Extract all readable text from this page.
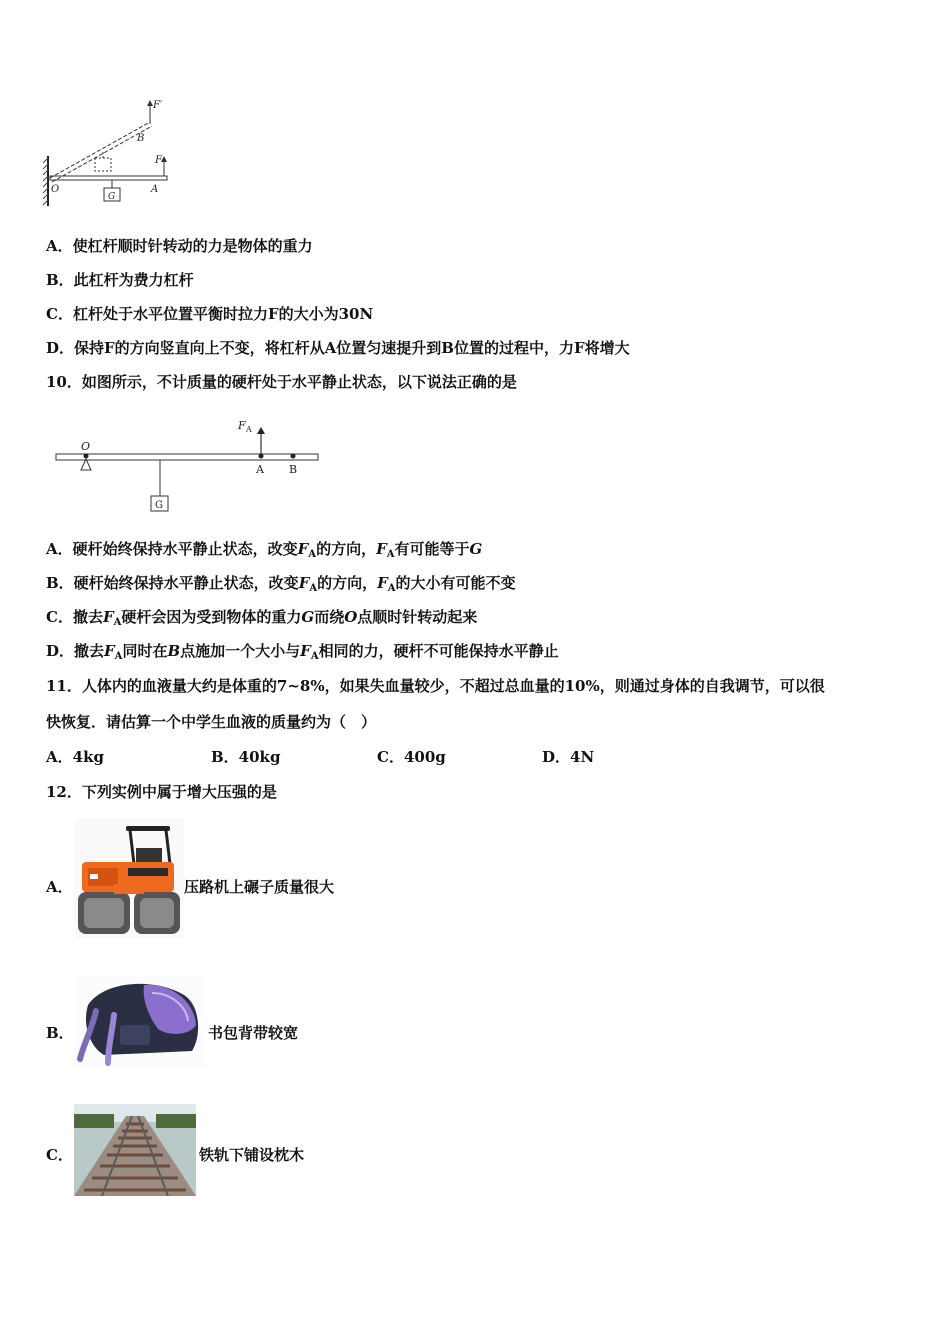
F′
B
F
O	A
G
A．使杠杆顺时针转动的力是物体的重力
B．此杠杆为费力杠杆
C．杠杆处于水平位置平衡时拉力F的大小为30N
D．保持F的方向竖直向上不变，将杠杆从A位置匀速提升到B位置的过程中，力F将增大
10．如图所示，不计质量的硬杆处于水平静止状态，以下说法正确的是
F A
O
A B
G
A．硬杆始终保持水平静止状态，改变$F_A$的方向，$F_A$有可能等于G
B．硬杆始终保持水平静止状态，改变$F_A$的方向，$F_A$的大小有可能不变
C．撤去$F_A$硬杆会因为受到物体的重力G而绕O点顺时针转动起来
D．撤去$F_A$同时在B点施加一个大小与$F_A$相同的力，硬杆不可能保持水平静止
11．人体内的血液量大约是体重的7~8%，如果失血量较少，不超过总血量的10%，则通过身体的自我调节，可以很
快恢复．请估算一个中学生血液的质量约为（　）
A．4kg	B．40kg	C．400g	D．4N
12．下列实例中属于增大压强的是
A．	压路机上碾子质量很大
B．	书包背带较宽
C．	铁轨下铺设枕木
